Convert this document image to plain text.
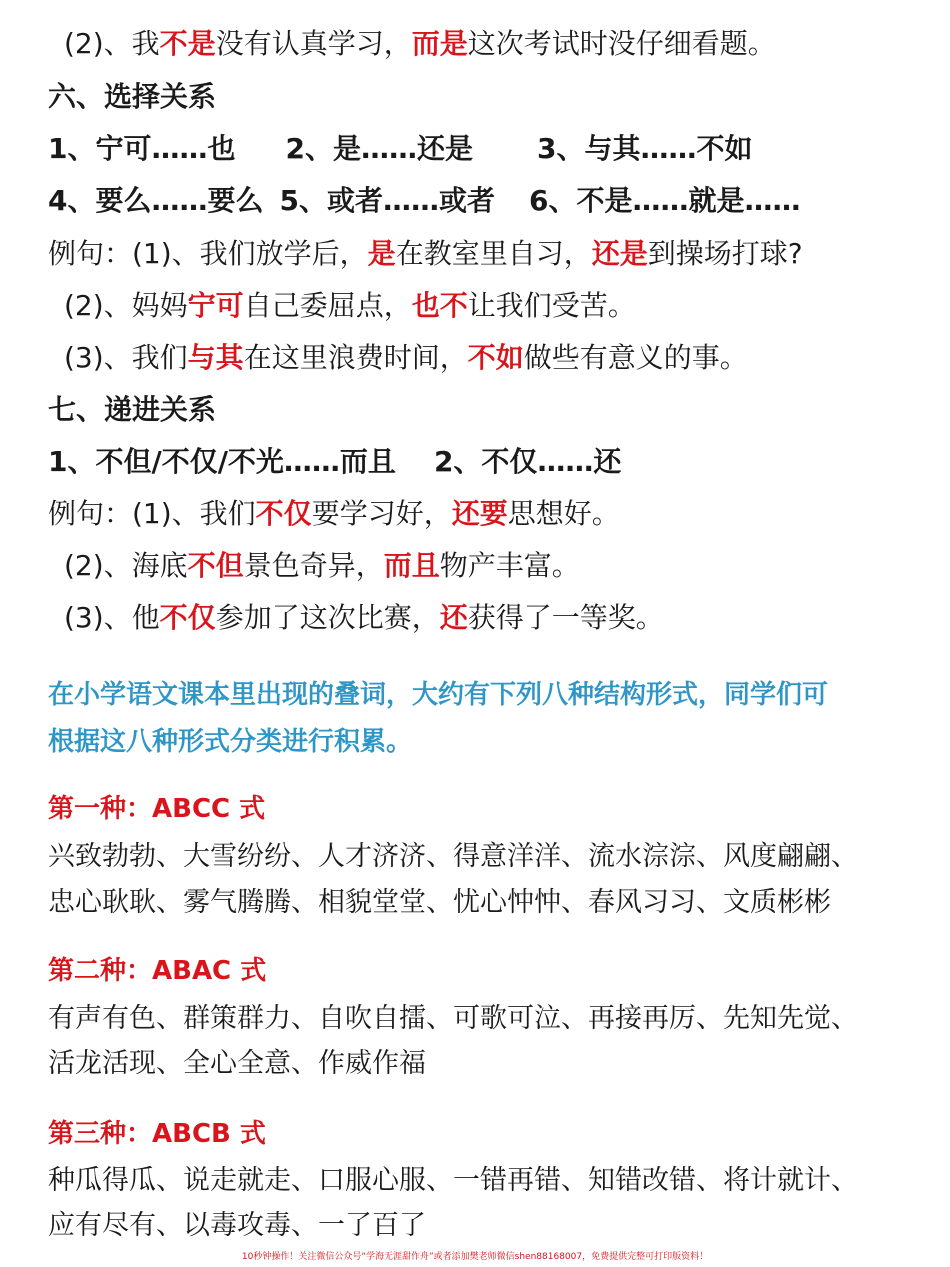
(2)、我不是没有认真学习，而是这次考试时没仔细看题。
六、选择关系
1、宁可……也 2、是……还是 3、与其……不如
4、要么……要么 5、或者……或者 6、不是……就是……
例句：(1)、我们放学后，是在教室里自习，还是到操场打球?
(2)、妈妈宁可自己委屈点，也不让我们受苦。
(3)、我们与其在这里浪费时间，不如做些有意义的事。
七、递进关系
1、不但/不仅/不光……而且 2、不仅……还
例句：(1)、我们不仅要学习好，还要思想好。
(2)、海底不但景色奇异，而且物产丰富。
(3)、他不仅参加了这次比赛，还获得了一等奖。
在小学语文课本里出现的叠词，大约有下列八种结构形式，同学们可
根据这八种形式分类进行积累。
第一种：ABCC 式
兴致勃勃、大雪纷纷、人才济济、得意洋洋、流水淙淙、风度翩翩、
忠心耿耿、雾气腾腾、相貌堂堂、忧心忡忡、春风习习、文质彬彬
第二种：ABAC 式
有声有色、群策群力、自吹自擂、可歌可泣、再接再厉、先知先觉、
活龙活现、全心全意、作威作福
第三种：ABCB 式
种瓜得瓜、说走就走、口服心服、一错再错、知错改错、将计就计、
应有尽有、以毒攻毒、一了百了
10秒钟操作！关注微信公众号“学海无涯甜作舟”或者添加樊老师微信shen88168007，免费提供完整可打印版资料！
